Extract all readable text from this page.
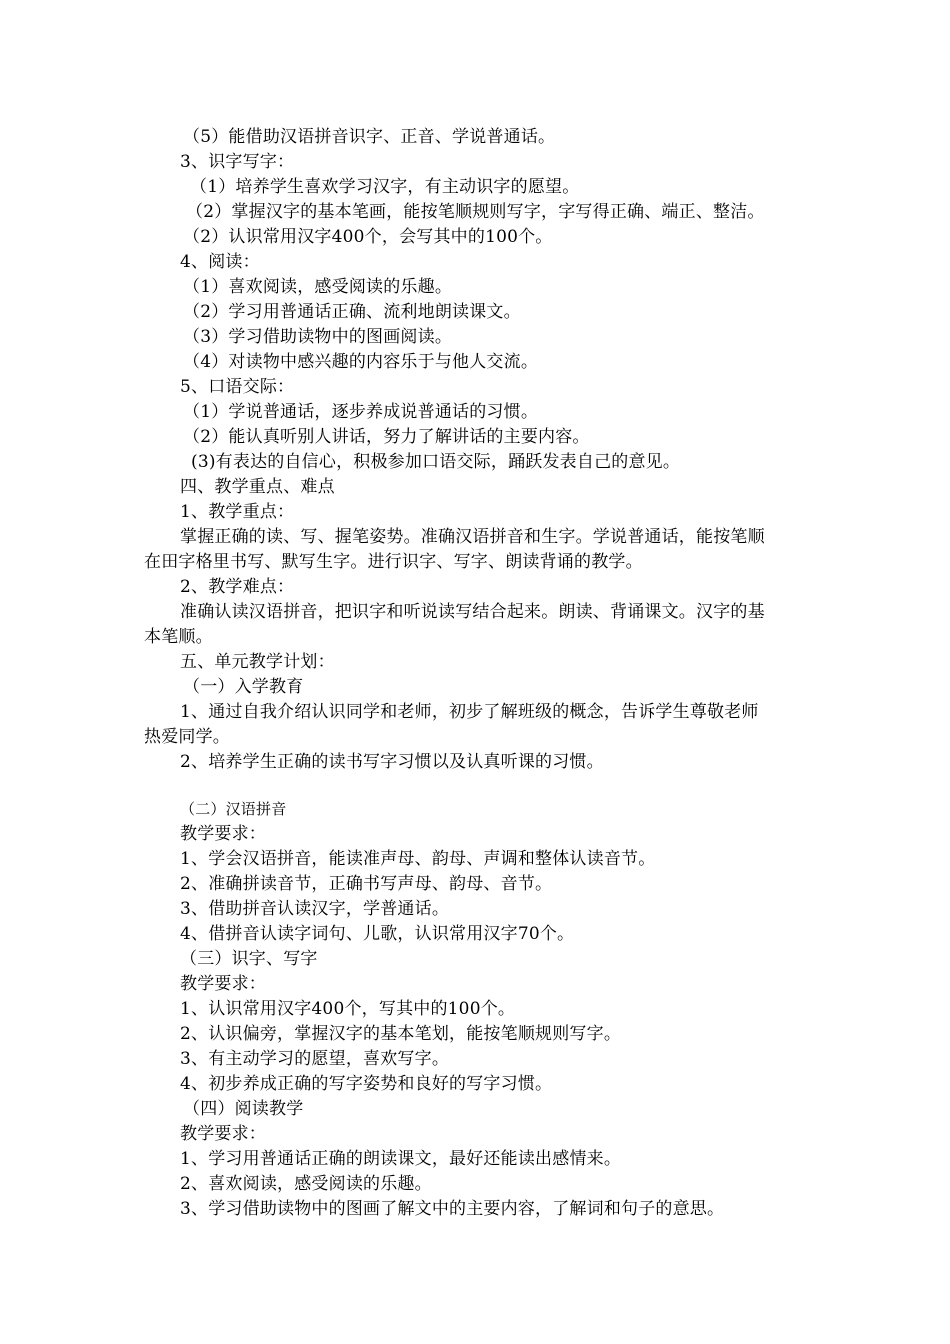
（5）能借助汉语拼音识字、正音、学说普通话。
3、识字写字：
（1）培养学生喜欢学习汉字，有主动识字的愿望。
（2）掌握汉字的基本笔画，能按笔顺规则写字，字写得正确、端正、整洁。
（2）认识常用汉字400个，会写其中的100个。
4、阅读：
（1）喜欢阅读，感受阅读的乐趣。
（2）学习用普通话正确、流利地朗读课文。
（3）学习借助读物中的图画阅读。
（4）对读物中感兴趣的内容乐于与他人交流。
5、口语交际：
（1）学说普通话，逐步养成说普通话的习惯。
（2）能认真听别人讲话，努力了解讲话的主要内容。
(3)有表达的自信心，积极参加口语交际，踊跃发表自己的意见。
四、教学重点、难点
1、教学重点：
掌握正确的读、写、握笔姿势。准确汉语拼音和生字。学说普通话，能按笔顺
在田字格里书写、默写生字。进行识字、写字、朗读背诵的教学。
2、教学难点：
准确认读汉语拼音，把识字和听说读写结合起来。朗读、背诵课文。汉字的基
本笔顺。
五、单元教学计划：
（一）入学教育
1、通过自我介绍认识同学和老师，初步了解班级的概念，告诉学生尊敬老师
热爱同学。
2、培养学生正确的读书写字习惯以及认真听课的习惯。
（二）汉语拼音
教学要求：
1、学会汉语拼音，能读准声母、韵母、声调和整体认读音节。
2、准确拼读音节，正确书写声母、韵母、音节。
3、借助拼音认读汉字，学普通话。
4、借拼音认读字词句、儿歌，认识常用汉字70个。
（三）识字、写字
教学要求：
1、认识常用汉字400个，写其中的100个。
2、认识偏旁，掌握汉字的基本笔划，能按笔顺规则写字。
3、有主动学习的愿望，喜欢写字。
4、初步养成正确的写字姿势和良好的写字习惯。
（四）阅读教学
教学要求：
1、学习用普通话正确的朗读课文，最好还能读出感情来。
2、喜欢阅读，感受阅读的乐趣。
3、学习借助读物中的图画了解文中的主要内容，了解词和句子的意思。
